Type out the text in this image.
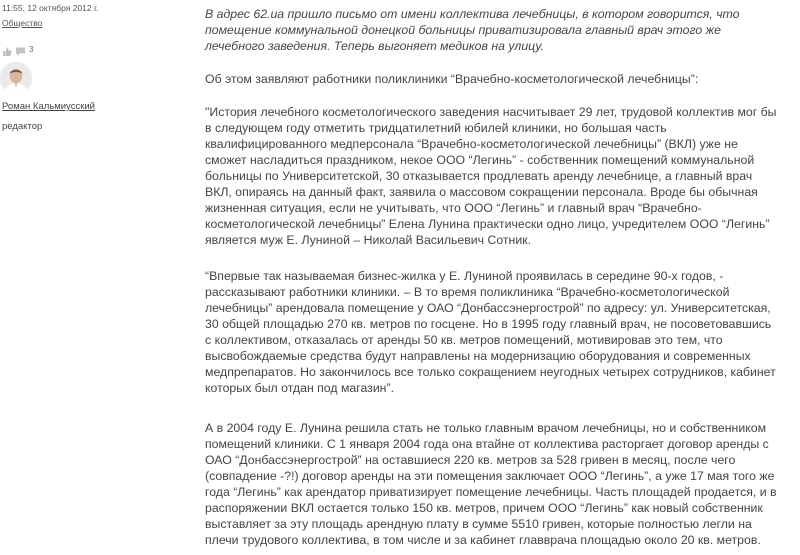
11:55, 12 октября 2012 г.
Общество
3
Роман Кальмиусский
редактор

В адрес 62.ua пришло письмо от имени коллектива лечебницы, в котором говорится, что помещение коммунальной донецкой больницы приватизировала главный врач этого же лечебного заведения. Теперь выгоняет медиков на улицу.

Об этом заявляют работники поликлиники “Врачебно-косметологической лечебницы”:

"История лечебного косметологического заведения насчитывает 29 лет, трудовой коллектив мог бы в следующем году отметить тридцатилетний юбилей клиники, но большая часть квалифицированного медперсонала “Врачебно-косметологической лечебницы” (ВКЛ) уже не сможет насладиться праздником, некое ООО “Легинь” - собственник помещений коммунальной больницы по Университетской, 30 отказывается продлевать аренду лечебнице, а главный врач ВКЛ, опираясь на данный факт, заявила о массовом сокращении персонала. Вроде бы обычная жизненная ситуация, если не учитывать, что ООО “Легинь” и главный врач “Врачебно-косметологической лечебницы” Елена Лунина практически одно лицо, учредителем ООО “Легинь” является муж Е. Луниной – Николай Васильевич Сотник.

“Впервые так называемая бизнес-жилка у Е. Луниной проявилась в середине 90-х годов, - рассказывают работники клиники. – В то время поликлиника “Врачебно-косметологической лечебницы” арендовала помещение у ОАО “Донбассэнергострой” по адресу: ул. Университетская, 30 общей площадью 270 кв. метров по госцене. Но в 1995 году главный врач, не посоветовавшись с коллективом, отказалась от аренды 50 кв. метров помещений, мотивировав это тем, что высвобождаемые средства будут направлены на модернизацию оборудования и современных медпрепаратов. Но закончилось все только сокращением неугодных четырех сотрудников, кабинет которых был отдан под магазин”.

А в 2004 году Е. Лунина решила стать не только главным врачом лечебницы, но и собственником помещений клиники. С 1 января 2004 года она втайне от коллектива расторгает договор аренды с ОАО “Донбассэнергострой” на оставшиеся 220 кв. метров за 528 гривен в месяц, после чего (совпадение -?!) договор аренды на эти помещения заключает ООО “Легинь”, а уже 17 мая того же года “Легинь” как арендатор приватизирует помещение лечебницы. Часть площадей продается, и в распоряжении ВКЛ остается только 150 кв. метров, причем ООО “Легинь” как новый собственник выставляет за эту площадь арендную плату в сумме 5510 гривен, которые полностью легли на плечи трудового коллектива, в том числе и за кабинет главврача площадью около 20 кв. метров.
